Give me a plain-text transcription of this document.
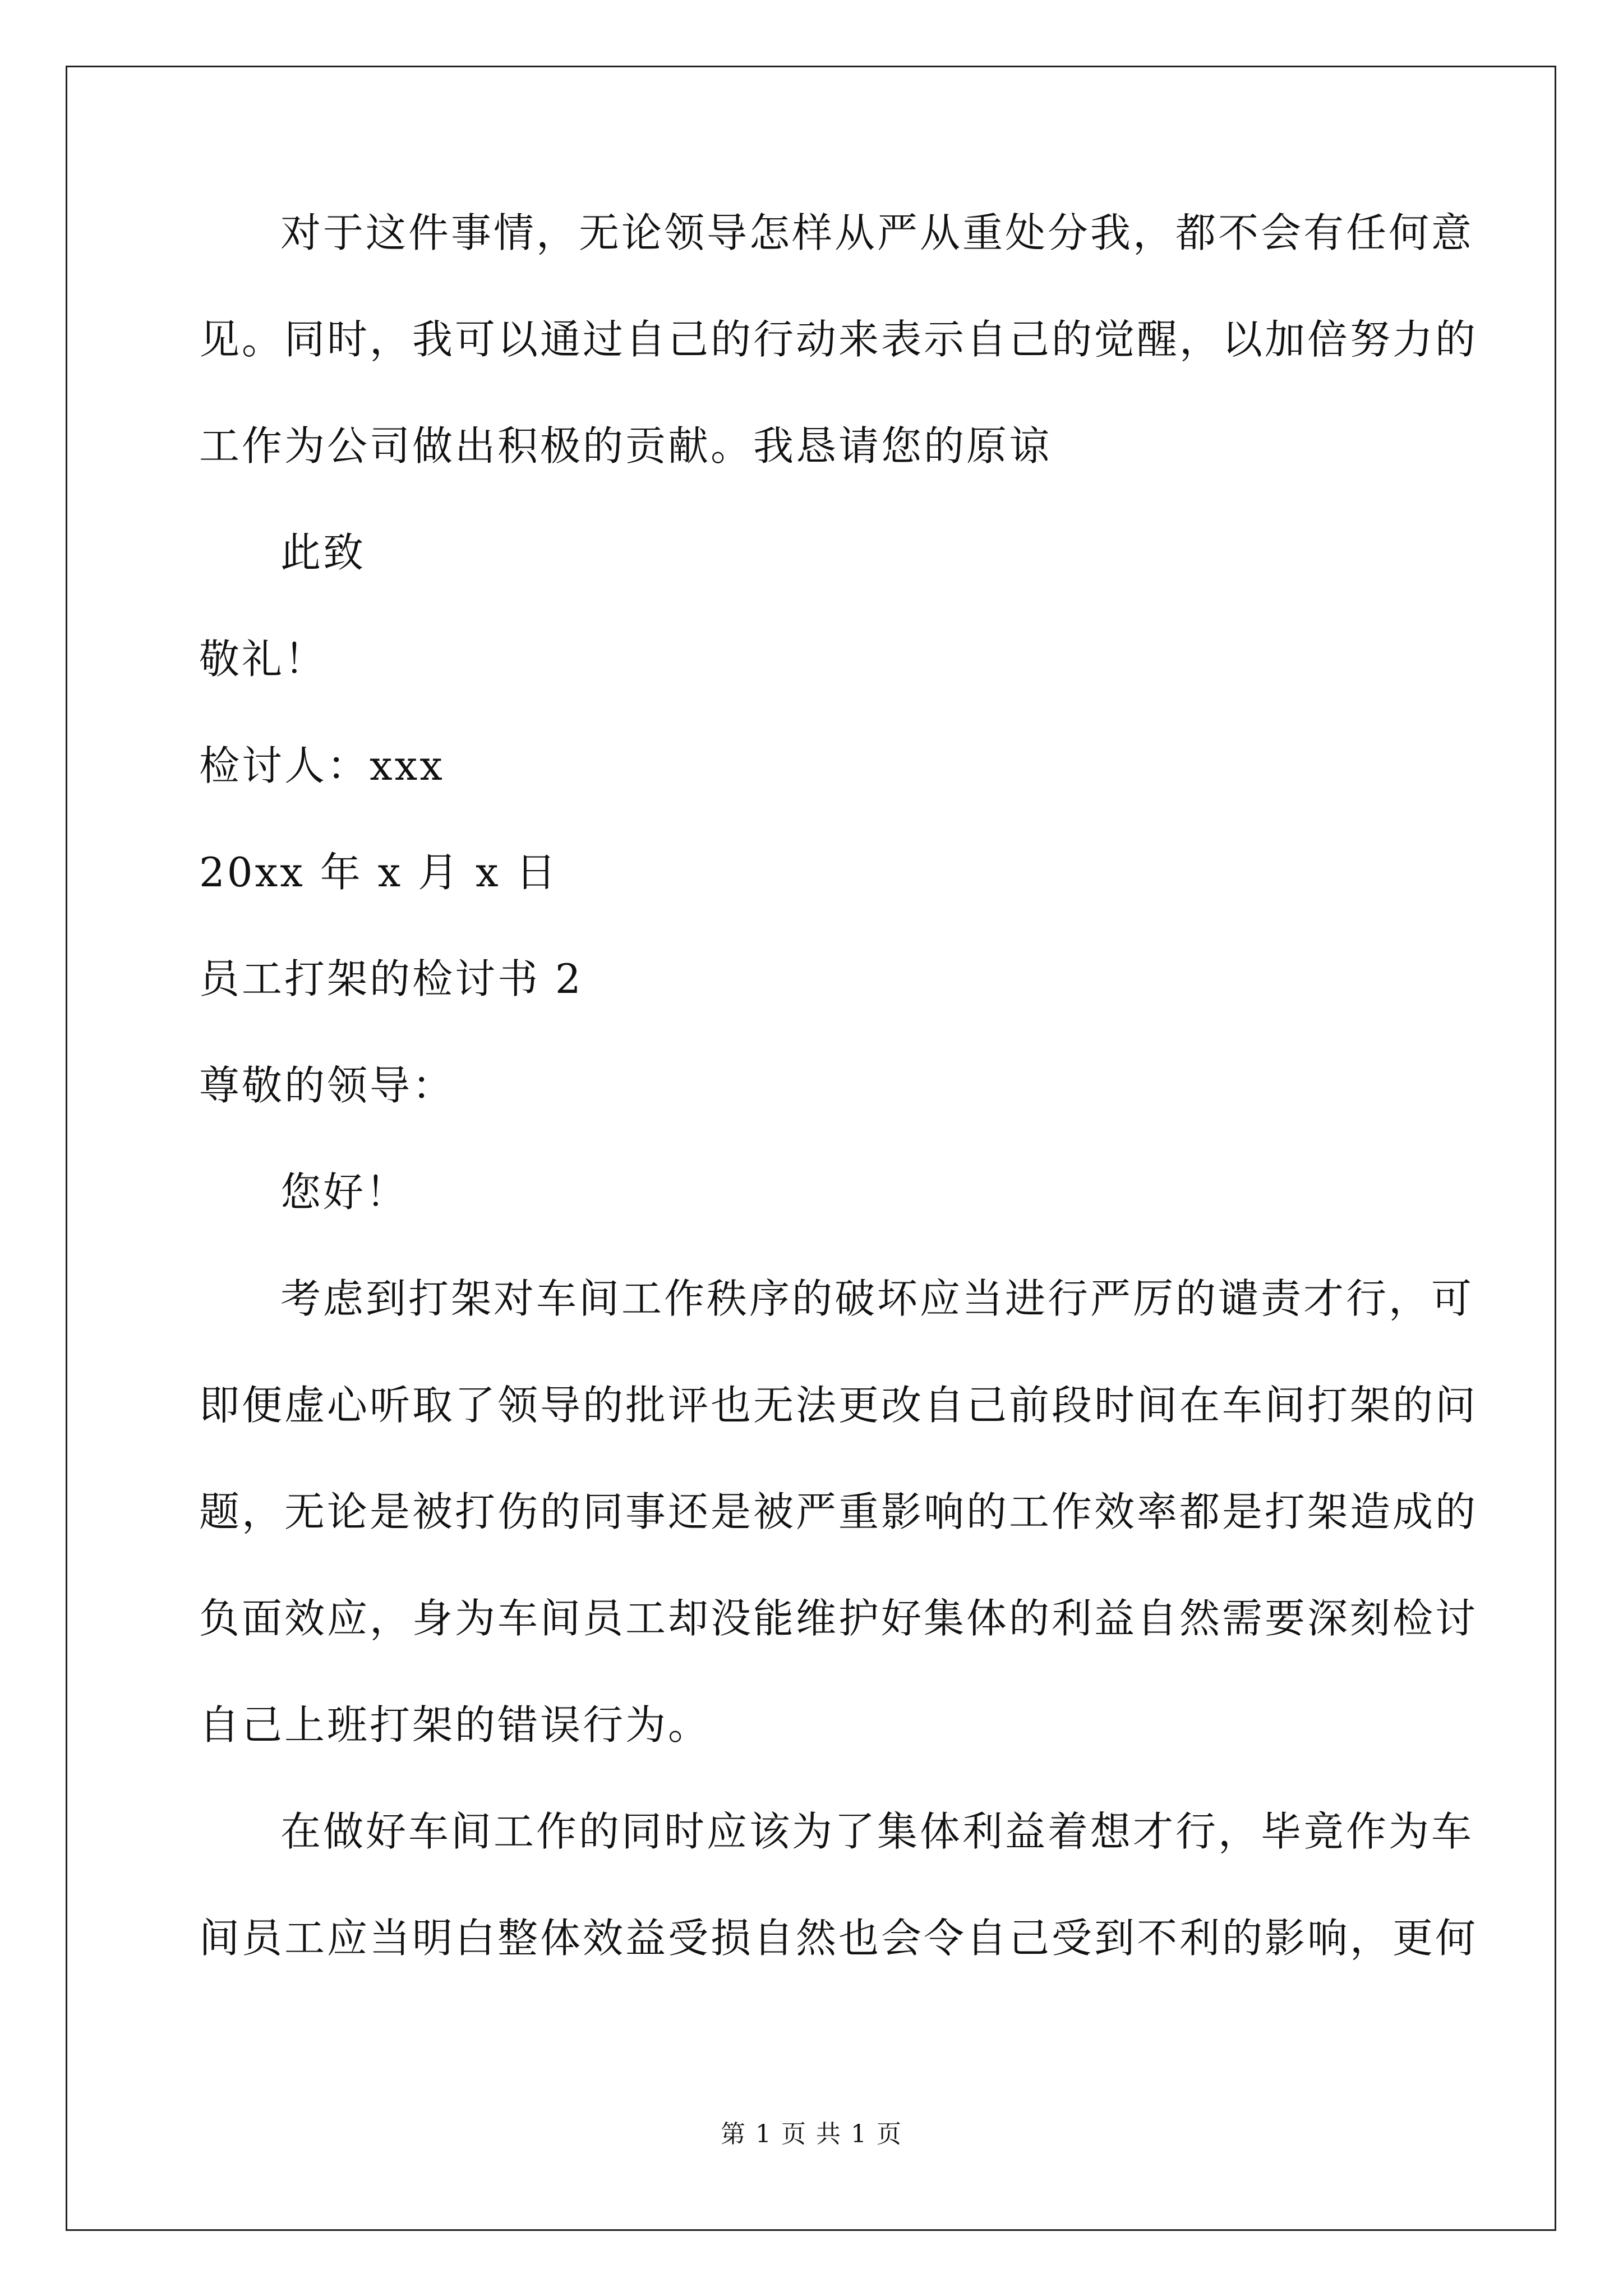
对于这件事情，无论领导怎样从严从重处分我，都不会有任何意
见。同时，我可以通过自己的行动来表示自己的觉醒，以加倍努力的
工作为公司做出积极的贡献。我恳请您的原谅
此致
敬礼！
检讨人：xxx
20xx 年 x 月 x 日
员工打架的检讨书 2
尊敬的领导：
您好！
考虑到打架对车间工作秩序的破坏应当进行严厉的谴责才行，可
即便虚心听取了领导的批评也无法更改自己前段时间在车间打架的问
题，无论是被打伤的同事还是被严重影响的工作效率都是打架造成的
负面效应，身为车间员工却没能维护好集体的利益自然需要深刻检讨
自己上班打架的错误行为。
在做好车间工作的同时应该为了集体利益着想才行，毕竟作为车
间员工应当明白整体效益受损自然也会令自己受到不利的影响，更何
第 1 页 共 1 页
